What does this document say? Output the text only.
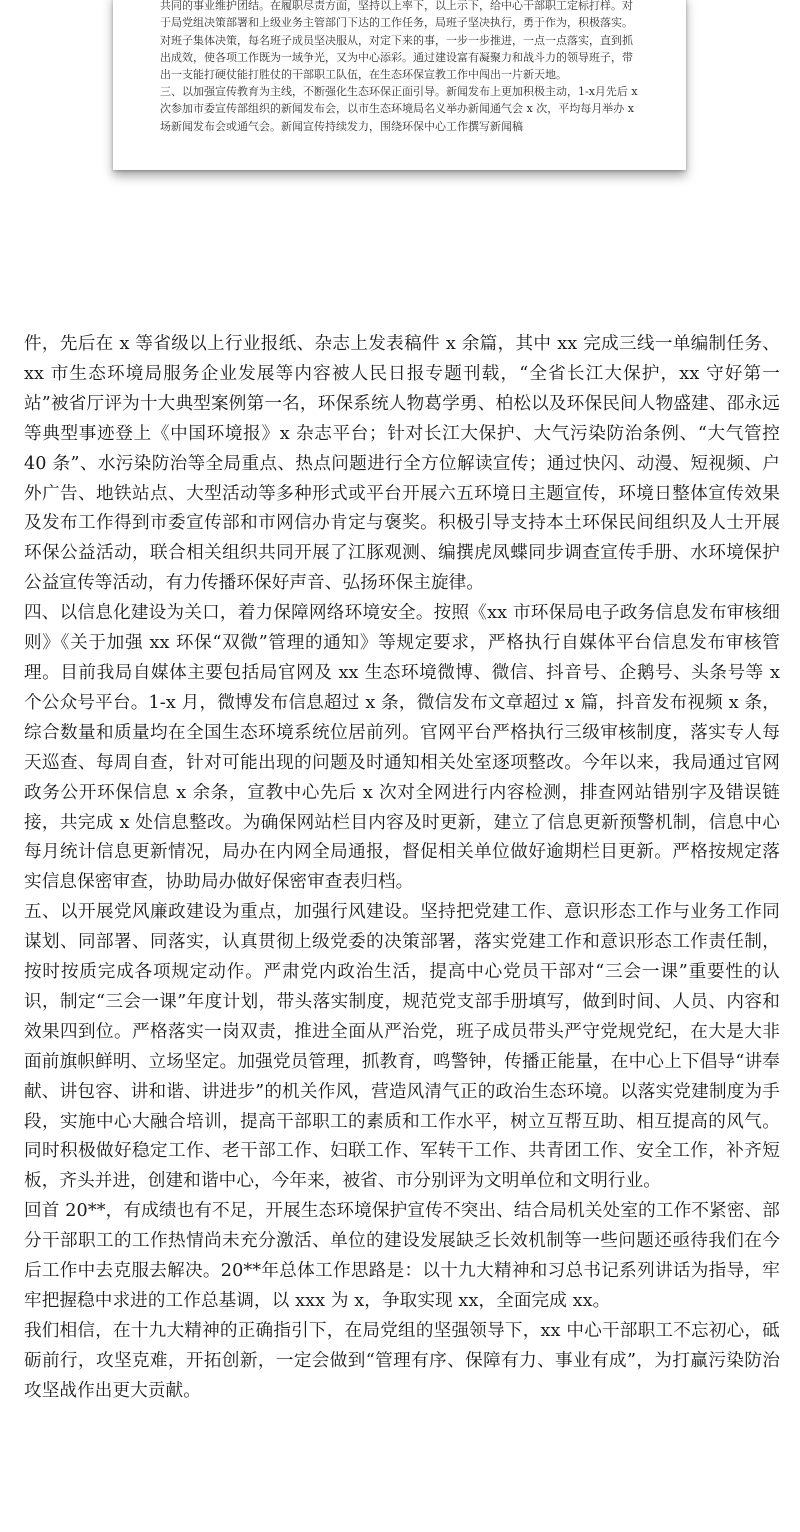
共同的事业维护团结。在履职尽责方面，坚持以上率下，以上示下，给中心干部职工定标打样。对于局党组决策部署和上级业务主管部门下达的工作任务，局班子坚决执行，勇于作为，积极落实。对班子集体决策，每名班子成员坚决服从，对定下来的事，一步一步推进，一点一点落实，直到抓出成效，使各项工作既为一域争光，又为中心添彩。通过建设富有凝聚力和战斗力的领导班子，带出一支能打硬仗能打胜仗的干部职工队伍，在生态环保宣教工作中闯出一片新天地。

三、以加强宣传教育为主线，不断强化生态环保正面引导。新闻发布上更加积极主动，1-x月先后 x 次参加市委宣传部组织的新闻发布会，以市生态环境局名义举办新闻通气会 x 次，平均每月举办 x 场新闻发布会或通气会。新闻宣传持续发力，围绕环保中心工作撰写新闻稿

件，先后在 x 等省级以上行业报纸、杂志上发表稿件 x 余篇，其中 xx 完成三线一单编制任务、xx 市生态环境局服务企业发展等内容被人民日报专题刊载，“全省长江大保护，xx 守好第一站”被省厅评为十大典型案例第一名，环保系统人物葛学勇、柏松以及环保民间人物盛建、邵永远等典型事迹登上《中国环境报》x 杂志平台；针对长江大保护、大气污染防治条例、“大气管控 40 条”、水污染防治等全局重点、热点问题进行全方位解读宣传；通过快闪、动漫、短视频、户外广告、地铁站点、大型活动等多种形式或平台开展六五环境日主题宣传，环境日整体宣传效果及发布工作得到市委宣传部和市网信办肯定与褒奖。积极引导支持本土环保民间组织及人士开展环保公益活动，联合相关组织共同开展了江豚观测、编撰虎凤蝶同步调查宣传手册、水环境保护公益宣传等活动，有力传播环保好声音、弘扬环保主旋律。

四、以信息化建设为关口，着力保障网络环境安全。按照《xx 市环保局电子政务信息发布审核细则》《关于加强 xx 环保“双微”管理的通知》等规定要求，严格执行自媒体平台信息发布审核管理。目前我局自媒体主要包括局官网及 xx 生态环境微博、微信、抖音号、企鹅号、头条号等 x 个公众号平台。1-x 月，微博发布信息超过 x 条，微信发布文章超过 x 篇，抖音发布视频 x 条，综合数量和质量均在全国生态环境系统位居前列。官网平台严格执行三级审核制度，落实专人每天巡查、每周自查，针对可能出现的问题及时通知相关处室逐项整改。今年以来，我局通过官网政务公开环保信息 x 余条，宣教中心先后 x 次对全网进行内容检测，排查网站错别字及错误链接，共完成 x 处信息整改。为确保网站栏目内容及时更新，建立了信息更新预警机制，信息中心每月统计信息更新情况，局办在内网全局通报，督促相关单位做好逾期栏目更新。严格按规定落实信息保密审查，协助局办做好保密审查表归档。

五、以开展党风廉政建设为重点，加强行风建设。坚持把党建工作、意识形态工作与业务工作同谋划、同部署、同落实，认真贯彻上级党委的决策部署，落实党建工作和意识形态工作责任制，按时按质完成各项规定动作。严肃党内政治生活，提高中心党员干部对“三会一课”重要性的认识，制定“三会一课”年度计划，带头落实制度，规范党支部手册填写，做到时间、人员、内容和效果四到位。严格落实一岗双责，推进全面从严治党，班子成员带头严守党规党纪，在大是大非面前旗帜鲜明、立场坚定。加强党员管理，抓教育，鸣警钟，传播正能量，在中心上下倡导“讲奉献、讲包容、讲和谐、讲进步”的机关作风，营造风清气正的政治生态环境。以落实党建制度为手段，实施中心大融合培训，提高干部职工的素质和工作水平，树立互帮互助、相互提高的风气。同时积极做好稳定工作、老干部工作、妇联工作、军转干工作、共青团工作、安全工作，补齐短板，齐头并进，创建和谐中心，今年来，被省、市分别评为文明单位和文明行业。

回首 20**，有成绩也有不足，开展生态环境保护宣传不突出、结合局机关处室的工作不紧密、部分干部职工的工作热情尚未充分激活、单位的建设发展缺乏长效机制等一些问题还亟待我们在今后工作中去克服去解决。20**年总体工作思路是：以十九大精神和习总书记系列讲话为指导，牢牢把握稳中求进的工作总基调，以 xxx 为 x，争取实现 xx，全面完成 xx。

我们相信，在十九大精神的正确指引下，在局党组的坚强领导下，xx 中心干部职工不忘初心，砥砺前行，攻坚克难，开拓创新，一定会做到“管理有序、保障有力、事业有成”，为打赢污染防治攻坚战作出更大贡献。
